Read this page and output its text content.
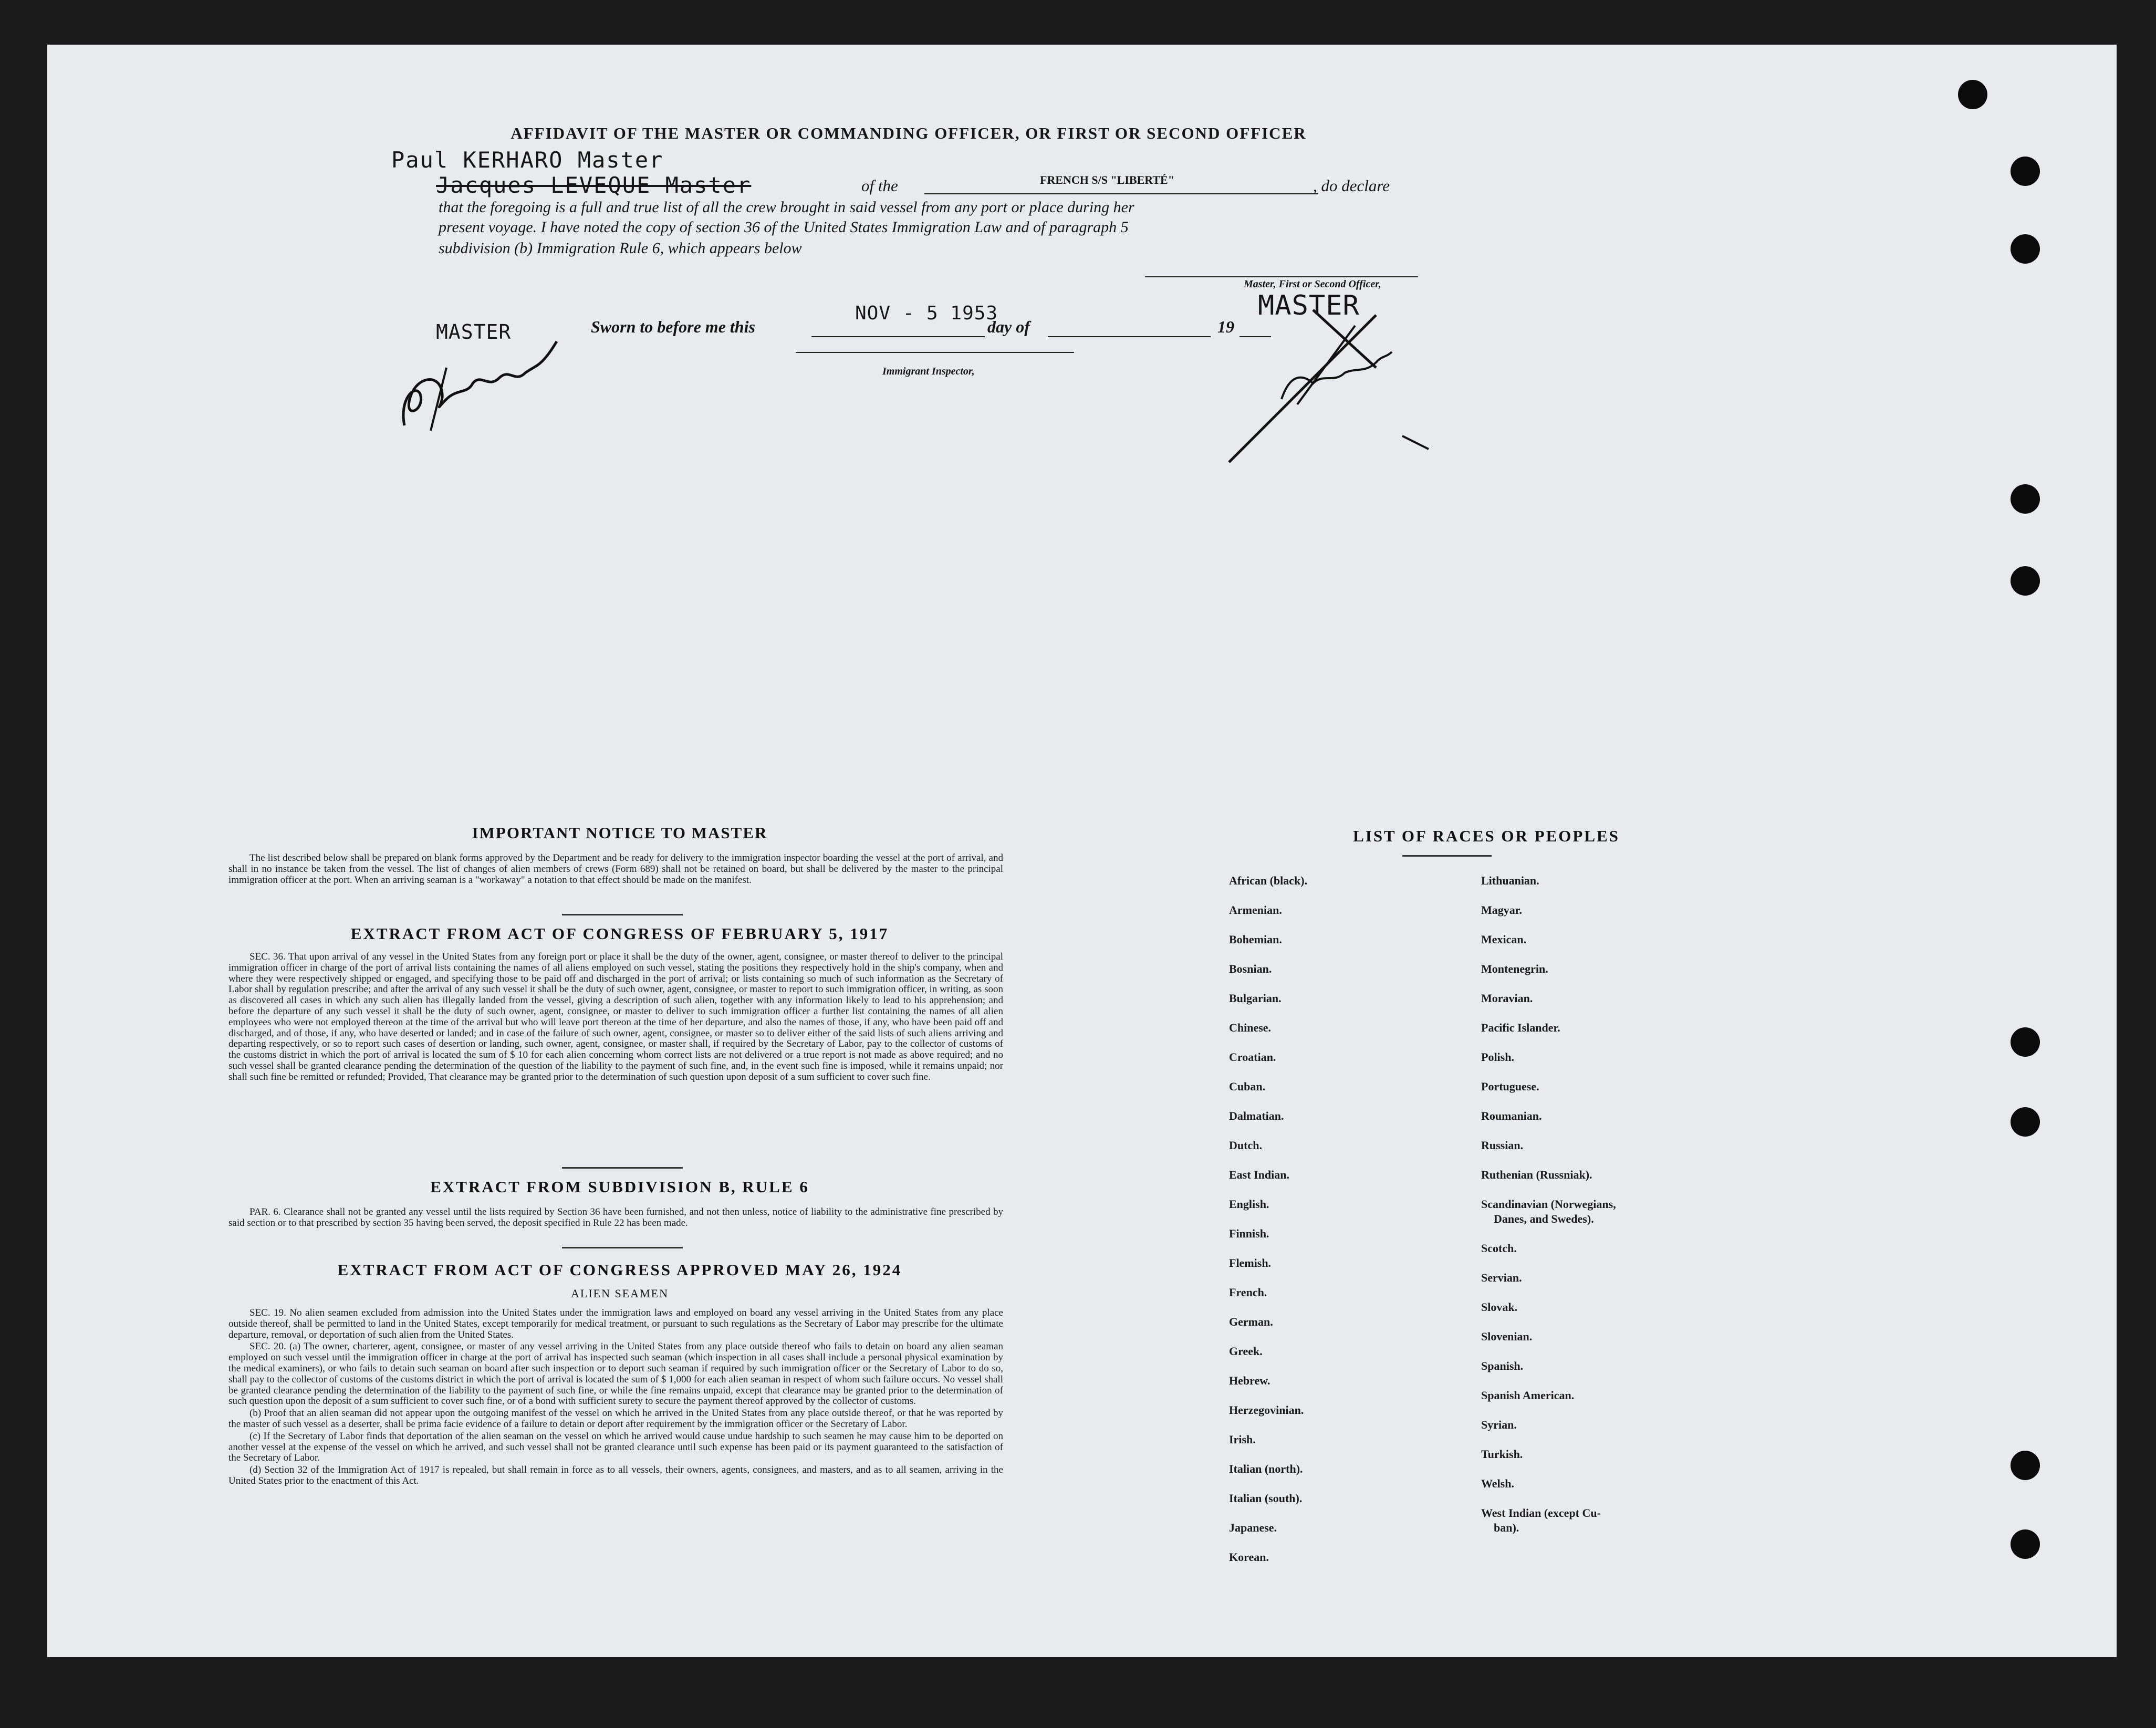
AFFIDAVIT OF THE MASTER OR COMMANDING OFFICER, OR FIRST OR SECOND OFFICER
Paul KERHARO Master
Jacques LEVEQUE Master	of the	FRENCH S/S "LIBERTÉ"	, do declare
that the foregoing is a full and true list of all the crew brought in said vessel from any port or place during her
present voyage. I have noted the copy of section 36 of the United States Immigration Law and of paragraph 5
subdivision (b) Immigration Rule 6, which appears below
Master, First or Second Officer,
MASTER
MASTER	Sworn to before me this
NOV - 5 1953
day of	19
Immigrant Inspector,
IMPORTANT NOTICE TO MASTER

The list described below shall be prepared on blank forms approved by the Department and be ready for delivery to the immigration inspector boarding the vessel at the port of arrival, and shall in no instance be taken from the vessel. The list of changes of alien members of crews (Form 689) shall not be retained on board, but shall be delivered by the master to the principal immigration officer at the port. When an arriving seaman is a "workaway" a notation to that effect should be made on the manifest.

EXTRACT FROM ACT OF CONGRESS OF FEBRUARY 5, 1917

SEC. 36. That upon arrival of any vessel in the United States from any foreign port or place it shall be the duty of the owner, agent, consignee, or master thereof to deliver to the principal immigration officer in charge of the port of arrival lists containing the names of all aliens employed on such vessel, stating the positions they respectively hold in the ship's company, when and where they were respectively shipped or engaged, and specifying those to be paid off and discharged in the port of arrival; or lists containing so much of such information as the Secretary of Labor shall by regulation prescribe; and after the arrival of any such vessel it shall be the duty of such owner, agent, consignee, or master to report to such immigration officer, in writing, as soon as discovered all cases in which any such alien has illegally landed from the vessel, giving a description of such alien, together with any information likely to lead to his apprehension; and before the departure of any such vessel it shall be the duty of such owner, agent, consignee, or master to deliver to such immigration officer a further list containing the names of all alien employees who were not employed thereon at the time of the arrival but who will leave port thereon at the time of her departure, and also the names of those, if any, who have been paid off and discharged, and of those, if any, who have deserted or landed; and in case of the failure of such owner, agent, consignee, or master so to deliver either of the said lists of such aliens arriving and departing respectively, or so to report such cases of desertion or landing, such owner, agent, consignee, or master shall, if required by the Secretary of Labor, pay to the collector of customs of the customs district in which the port of arrival is located the sum of $ 10 for each alien concerning whom correct lists are not delivered or a true report is not made as above required; and no such vessel shall be granted clearance pending the determination of the question of the liability to the payment of such fine, and, in the event such fine is imposed, while it remains unpaid; nor shall such fine be remitted or refunded; Provided, That clearance may be granted prior to the determination of such question upon deposit of a sum sufficient to cover such fine.

EXTRACT FROM SUBDIVISION B, RULE 6

PAR. 6. Clearance shall not be granted any vessel until the lists required by Section 36 have been furnished, and not then unless, notice of liability to the administrative fine prescribed by said section or to that prescribed by section 35 having been served, the deposit specified in Rule 22 has been made.

EXTRACT FROM ACT OF CONGRESS APPROVED MAY 26, 1924
ALIEN SEAMEN

SEC. 19. No alien seamen excluded from admission into the United States under the immigration laws and employed on board any vessel arriving in the United States from any place outside thereof, shall be permitted to land in the United States, except temporarily for medical treatment, or pursuant to such regulations as the Secretary of Labor may prescribe for the ultimate departure, removal, or deportation of such alien from the United States.

SEC. 20. (a) The owner, charterer, agent, consignee, or master of any vessel arriving in the United States from any place outside thereof who fails to detain on board any alien seaman employed on such vessel until the immigration officer in charge at the port of arrival has inspected such seaman (which inspection in all cases shall include a personal physical examination by the medical examiners), or who fails to detain such seaman on board after such inspection or to deport such seaman if required by such immigration officer or the Secretary of Labor to do so, shall pay to the collector of customs of the customs district in which the port of arrival is located the sum of $ 1,000 for each alien seaman in respect of whom such failure occurs. No vessel shall be granted clearance pending the determination of the liability to the payment of such fine, or while the fine remains unpaid, except that clearance may be granted prior to the determination of such question upon the deposit of a sum sufficient to cover such fine, or of a bond with sufficient surety to secure the payment thereof approved by the collector of customs.

(b) Proof that an alien seaman did not appear upon the outgoing manifest of the vessel on which he arrived in the United States from any place outside thereof, or that he was reported by the master of such vessel as a deserter, shall be prima facie evidence of a failure to detain or deport after requirement by the immigration officer or the Secretary of Labor.

(c) If the Secretary of Labor finds that deportation of the alien seaman on the vessel on which he arrived would cause undue hardship to such seamen he may cause him to be deported on another vessel at the expense of the vessel on which he arrived, and such vessel shall not be granted clearance until such expense has been paid or its payment guaranteed to the satisfaction of the Secretary of Labor.

(d) Section 32 of the Immigration Act of 1917 is repealed, but shall remain in force as to all vessels, their owners, agents, consignees, and masters, and as to all seamen, arriving in the United States prior to the enactment of this Act.

LIST OF RACES OR PEOPLES
African (black).
Armenian.
Bohemian.
Bosnian.
Bulgarian.
Chinese.
Croatian.
Cuban.
Dalmatian.
Dutch.
East Indian.
English.
Finnish.
Flemish.
French.
German.
Greek.
Hebrew.
Herzegovinian.
Irish.
Italian (north).
Italian (south).
Japanese.
Korean.
Lithuanian.
Magyar.
Mexican.
Montenegrin.
Moravian.
Pacific Islander.
Polish.
Portuguese.
Roumanian.
Russian.
Ruthenian (Russniak).
Scandinavian (Norwegians,
Danes, and Swedes).
Scotch.
Servian.
Slovak.
Slovenian.
Spanish.
Spanish American.
Syrian.
Turkish.
Welsh.
West Indian (except Cu-
ban).
